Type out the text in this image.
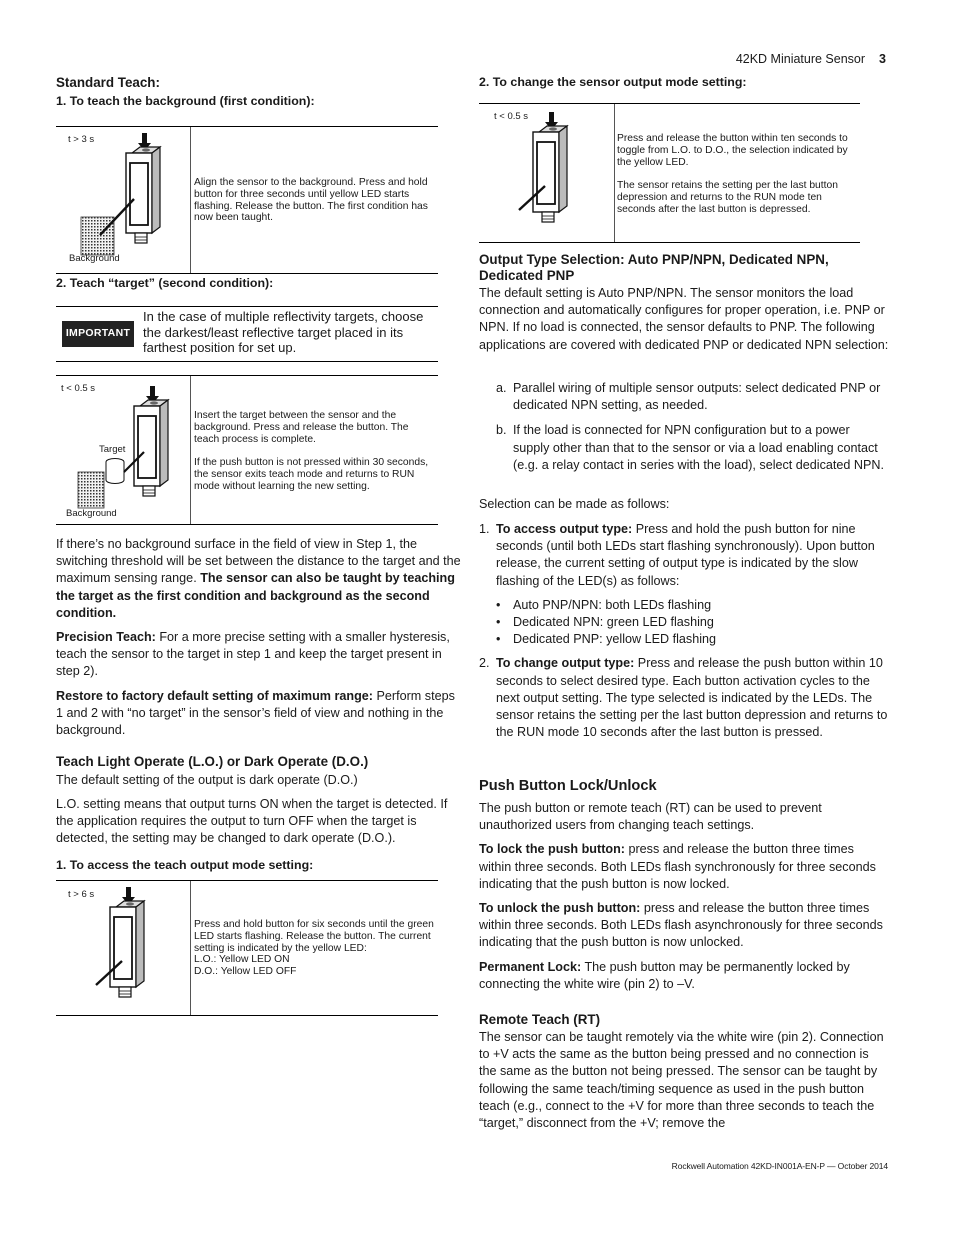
42KD Miniature Sensor 3
Standard Teach:
1. To teach the background (first condition):
t > 3 s
Background
Align the sensor to the background. Press and hold button for three seconds until yellow LED starts flashing. Release the button. The first condition has now been taught.
2. Teach “target” (second condition):
IMPORTANT
In the case of multiple reflectivity targets, choose the darkest/least reflective target placed in its farthest position for set up.
t < 0.5 s
Target
Background
Insert the target between the sensor and the background. Press and release the button. The teach process is complete.
If the push button is not pressed within 30 seconds, the sensor exits teach mode and returns to RUN mode without learning the new setting.

If there’s no background surface in the field of view in Step 1, the switching threshold will be set between the distance to the target and the maximum sensing range. The sensor can also be taught by teaching the target as the first condition and background as the second condition.

Precision Teach: For a more precise setting with a smaller hysteresis, teach the sensor to the target in step 1 and keep the target present in step 2).

Restore to factory default setting of maximum range: Perform steps 1 and 2 with “no target” in the sensor’s field of view and nothing in the background.

Teach Light Operate (L.O.) or Dark Operate (D.O.)
The default setting of the output is dark operate (D.O.)
L.O. setting means that output turns ON when the target is detected. If the application requires the output to turn OFF when the target is detected, the setting may be changed to dark operate (D.O.).
1. To access the teach output mode setting:
t > 6 s
Press and hold button for six seconds until the green LED starts flashing. Release the button. The current setting is indicated by the yellow LED:
L.O.: Yellow LED ON
D.O.: Yellow LED OFF
2. To change the sensor output mode setting:
t < 0.5 s
Press and release the button within ten seconds to toggle from L.O. to D.O., the selection indicated by the yellow LED.
The sensor retains the setting per the last button depression and returns to the RUN mode ten seconds after the last button is depressed.
Output Type Selection: Auto PNP/NPN, Dedicated NPN, Dedicated PNP
The default setting is Auto PNP/NPN. The sensor monitors the load connection and automatically configures for proper operation, i.e. PNP or NPN. If no load is connected, the sensor defaults to PNP. The following applications are covered with dedicated PNP or dedicated NPN selection:
a. Parallel wiring of multiple sensor outputs: select dedicated PNP or dedicated NPN setting, as needed.
b. If the load is connected for NPN configuration but to a power supply other than that to the sensor or via a load enabling contact (e.g. a relay contact in series with the load), select dedicated NPN.
Selection can be made as follows:
1. To access output type: Press and hold the push button for nine seconds (until both LEDs start flashing synchronously). Upon button release, the current setting of output type is indicated by the slow flashing of the LED(s) as follows:
• Auto PNP/NPN: both LEDs flashing
• Dedicated NPN: green LED flashing
• Dedicated PNP: yellow LED flashing
2. To change output type: Press and release the push button within 10 seconds to select desired type. Each button activation cycles to the next output setting. The type selected is indicated by the LEDs. The sensor retains the setting per the last button depression and returns to the RUN mode 10 seconds after the last button is pressed.
Push Button Lock/Unlock

The push button or remote teach (RT) can be used to prevent unauthorized users from changing teach settings.

To lock the push button: press and release the button three times within three seconds. Both LEDs flash synchronously for three seconds indicating that the push button is now locked.

To unlock the push button: press and release the button three times within three seconds. Both LEDs flash asynchronously for three seconds indicating that the push button is now unlocked.

Permanent Lock: The push button may be permanently locked by connecting the white wire (pin 2) to –V.

Remote Teach (RT)
The sensor can be taught remotely via the white wire (pin 2). Connection to +V acts the same as the button being pressed and no connection is the same as the button not being pressed. The sensor can be taught by following the same teach/timing sequence as used in the push button teach (e.g., connect to the +V for more than three seconds to teach the “target,” disconnect from the +V; remove the
Rockwell Automation 42KD-IN001A-EN-P — October 2014
